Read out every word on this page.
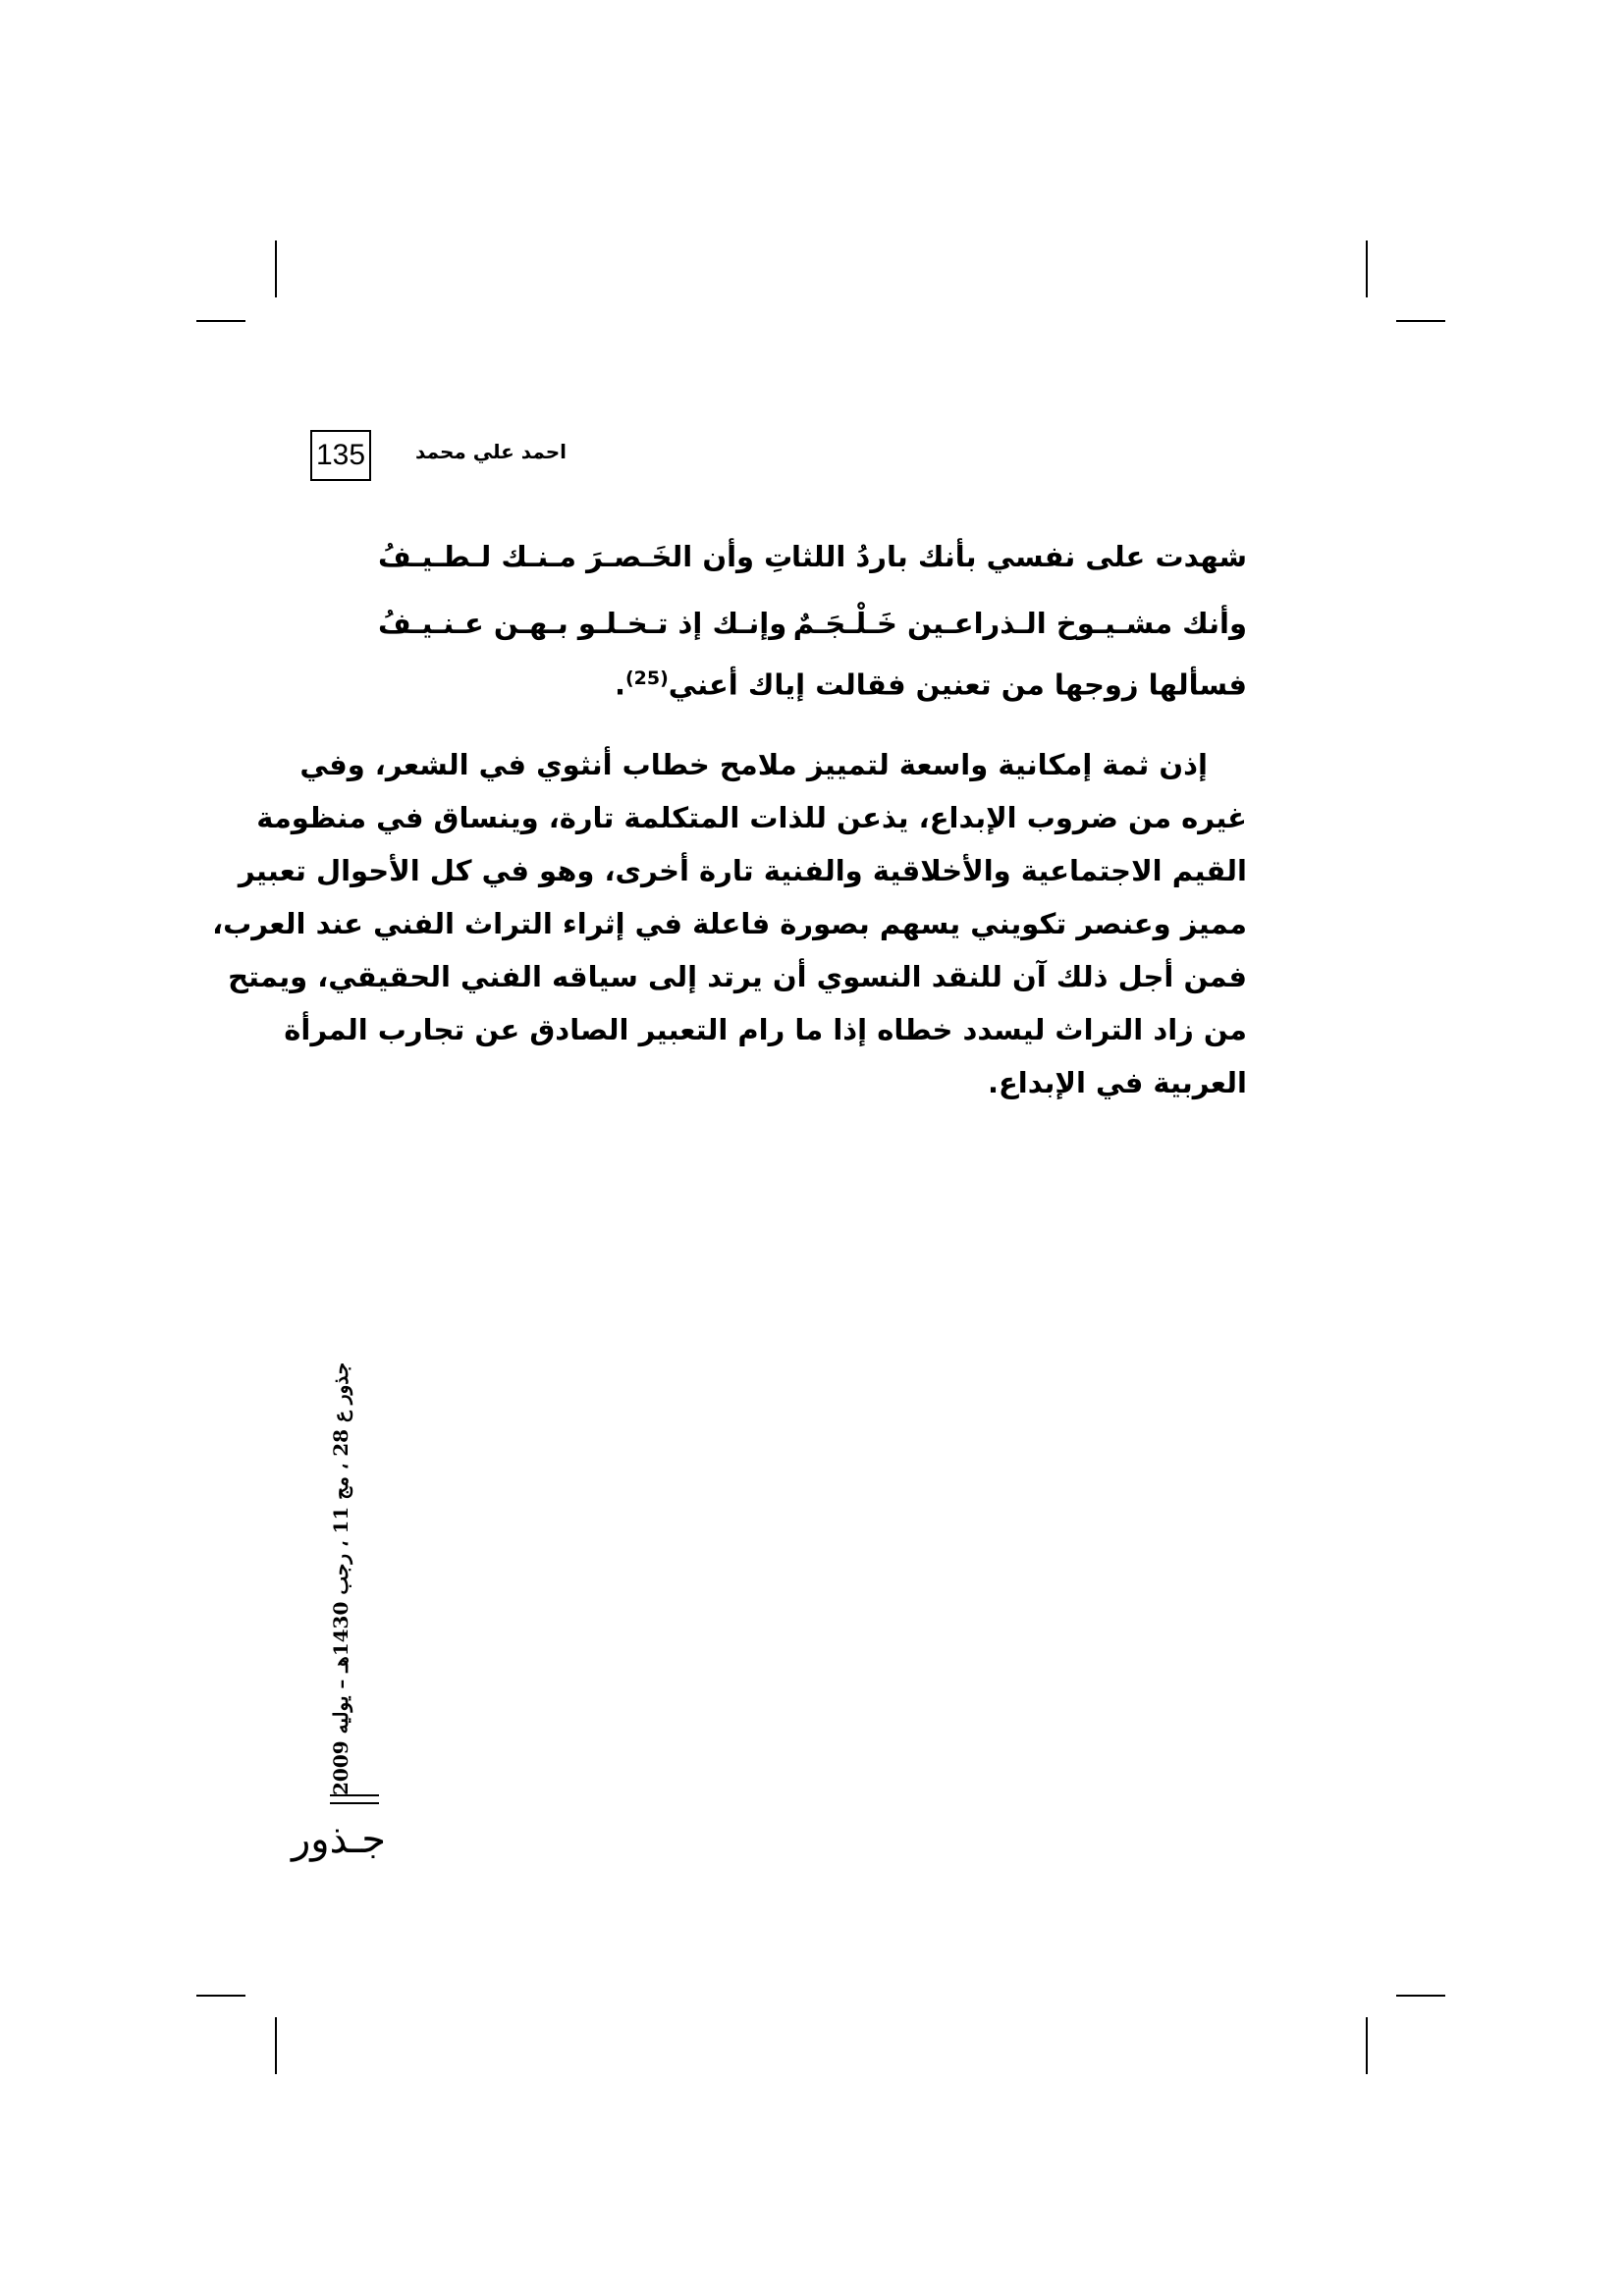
135	احمد علي محمد
شهدت على نفسي بأنك باردُ اللثا
تِ وأن الخَـصـرَ مـنـك لـطـيـفُ
وأنك مشـيـوخ الـذراعـين خَـلْـجَـمٌ
وإنـك إذ تـخـلـو بـهـن عـنـيـفُ
فسألها زوجها من تعنين فقالت إياك أعني$^{(25)}$.
إذن ثمة إمكانية واسعة لتمييز ملامح خطاب أنثوي في الشعر، وفي
غيره من ضروب الإبداع، يذعن للذات المتكلمة تارة، وينساق في منظومة
القيم الاجتماعية والأخلاقية والفنية تارة أخرى، وهو في كل الأحوال تعبير
مميز وعنصر تكويني يسهم بصورة فاعلة في إثراء التراث الفني عند العرب،
فمن أجل ذلك آن للنقد النسوي أن يرتد إلى سياقه الفني الحقيقي، ويمتح
من زاد التراث ليسدد خطاه إذا ما رام التعبير الصادق عن تجارب المرأة
العربية في الإبداع.
جذور ع 28 ، مج 11 ، رجب 1430هـ – يوليه 2009
جـذور
